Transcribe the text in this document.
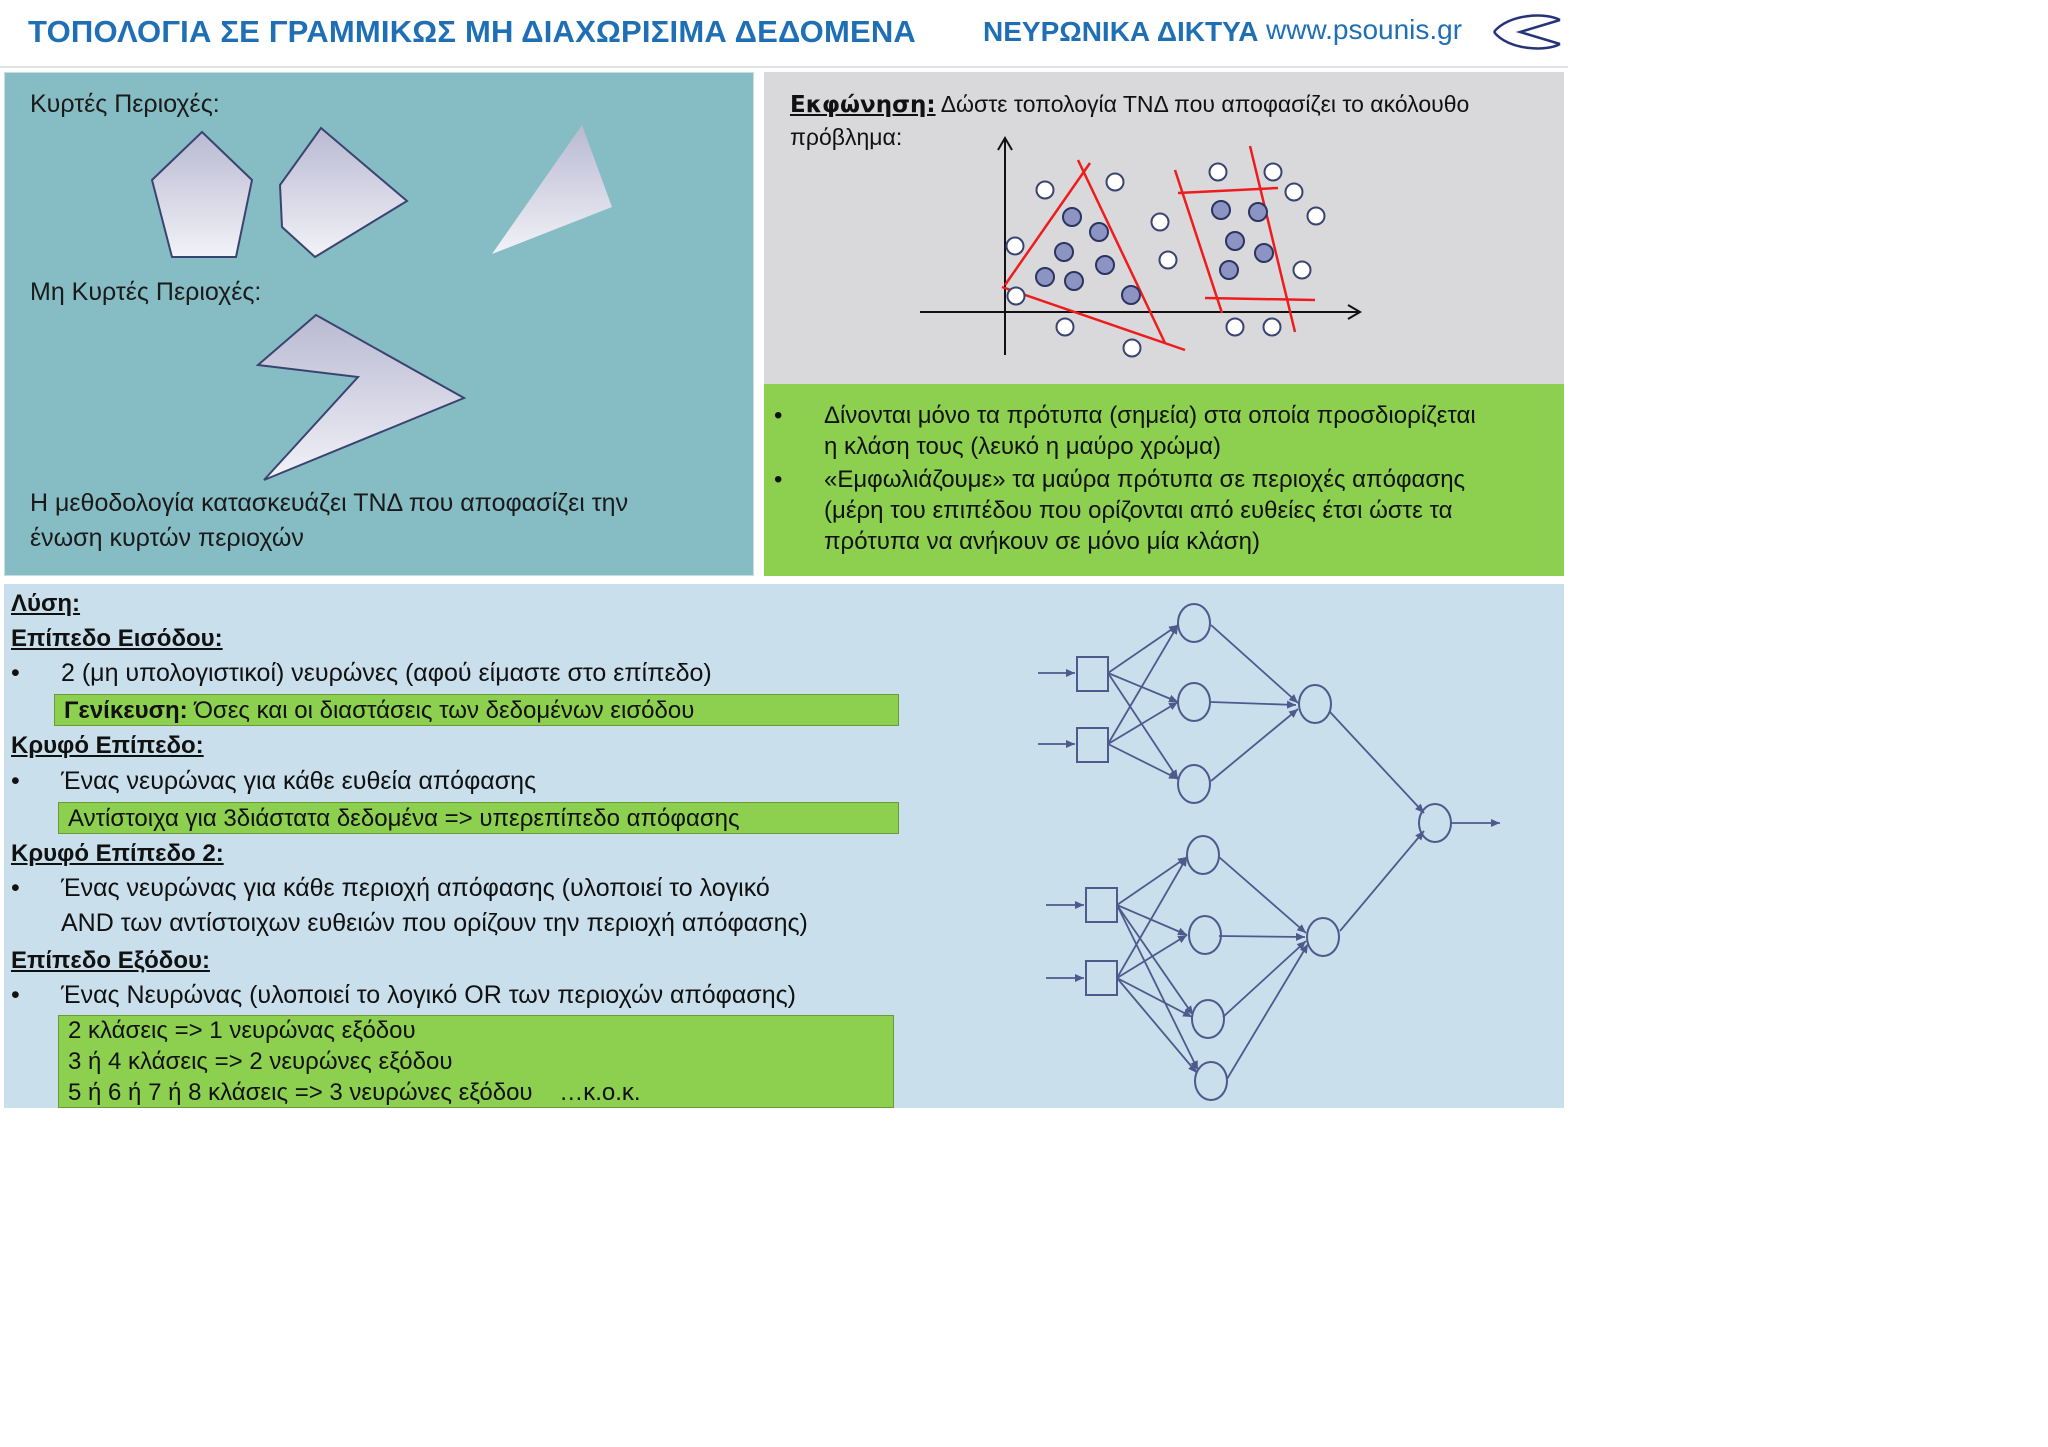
ΤΟΠΟΛΟΓΙΑ ΣΕ ΓΡΑΜΜΙΚΩΣ ΜΗ ΔΙΑΧΩΡΙΣΙΜΑ ΔΕΔΟΜΕΝΑ ΝΕΥΡΩΝΙΚΑ ΔΙΚΤΥΑ www.psounis.gr
Κυρτές Περιοχές:
Μη Κυρτές Περιοχές:
Η μεθοδολογία κατασκευάζει ΤΝΔ που αποφασίζει την
ένωση κυρτών περιοχών
Εκφώνηση: Δώστε τοπολογία ΤΝΔ που αποφασίζει το ακόλουθο πρόβλημα:
• Δίνονται μόνο τα πρότυπα (σημεία) στα οποία προσδιορίζεται
η κλάση τους (λευκό η μαύρο χρώμα)
• «Εμφωλιάζουμε» τα μαύρα πρότυπα σε περιοχές απόφασης
(μέρη του επιπέδου που ορίζονται από ευθείες έτσι ώστε τα
πρότυπα να ανήκουν σε μόνο μία κλάση)
Λύση:
Επίπεδο Εισόδου:
• 2 (μη υπολογιστικοί) νευρώνες (αφού είμαστε στο επίπεδο)
Γενίκευση: Όσες και οι διαστάσεις των δεδομένων εισόδου
Κρυφό Επίπεδο:
• Ένας νευρώνας για κάθε ευθεία απόφασης
Αντίστοιχα για 3διάστατα δεδομένα => υπερεπίπεδο απόφασης
Κρυφό Επίπεδο 2:
• Ένας νευρώνας για κάθε περιοχή απόφασης (υλοποιεί το λογικό
AND των αντίστοιχων ευθειών που ορίζουν την περιοχή απόφασης)
Επίπεδο Εξόδου:
• Ένας Νευρώνας (υλοποιεί το λογικό OR των περιοχών απόφασης)
2 κλάσεις => 1 νευρώνας εξόδου
3 ή 4 κλάσεις => 2 νευρώνες εξόδου
5 ή 6 ή 7 ή 8 κλάσεις => 3 νευρώνες εξόδου    …κ.ο.κ.
